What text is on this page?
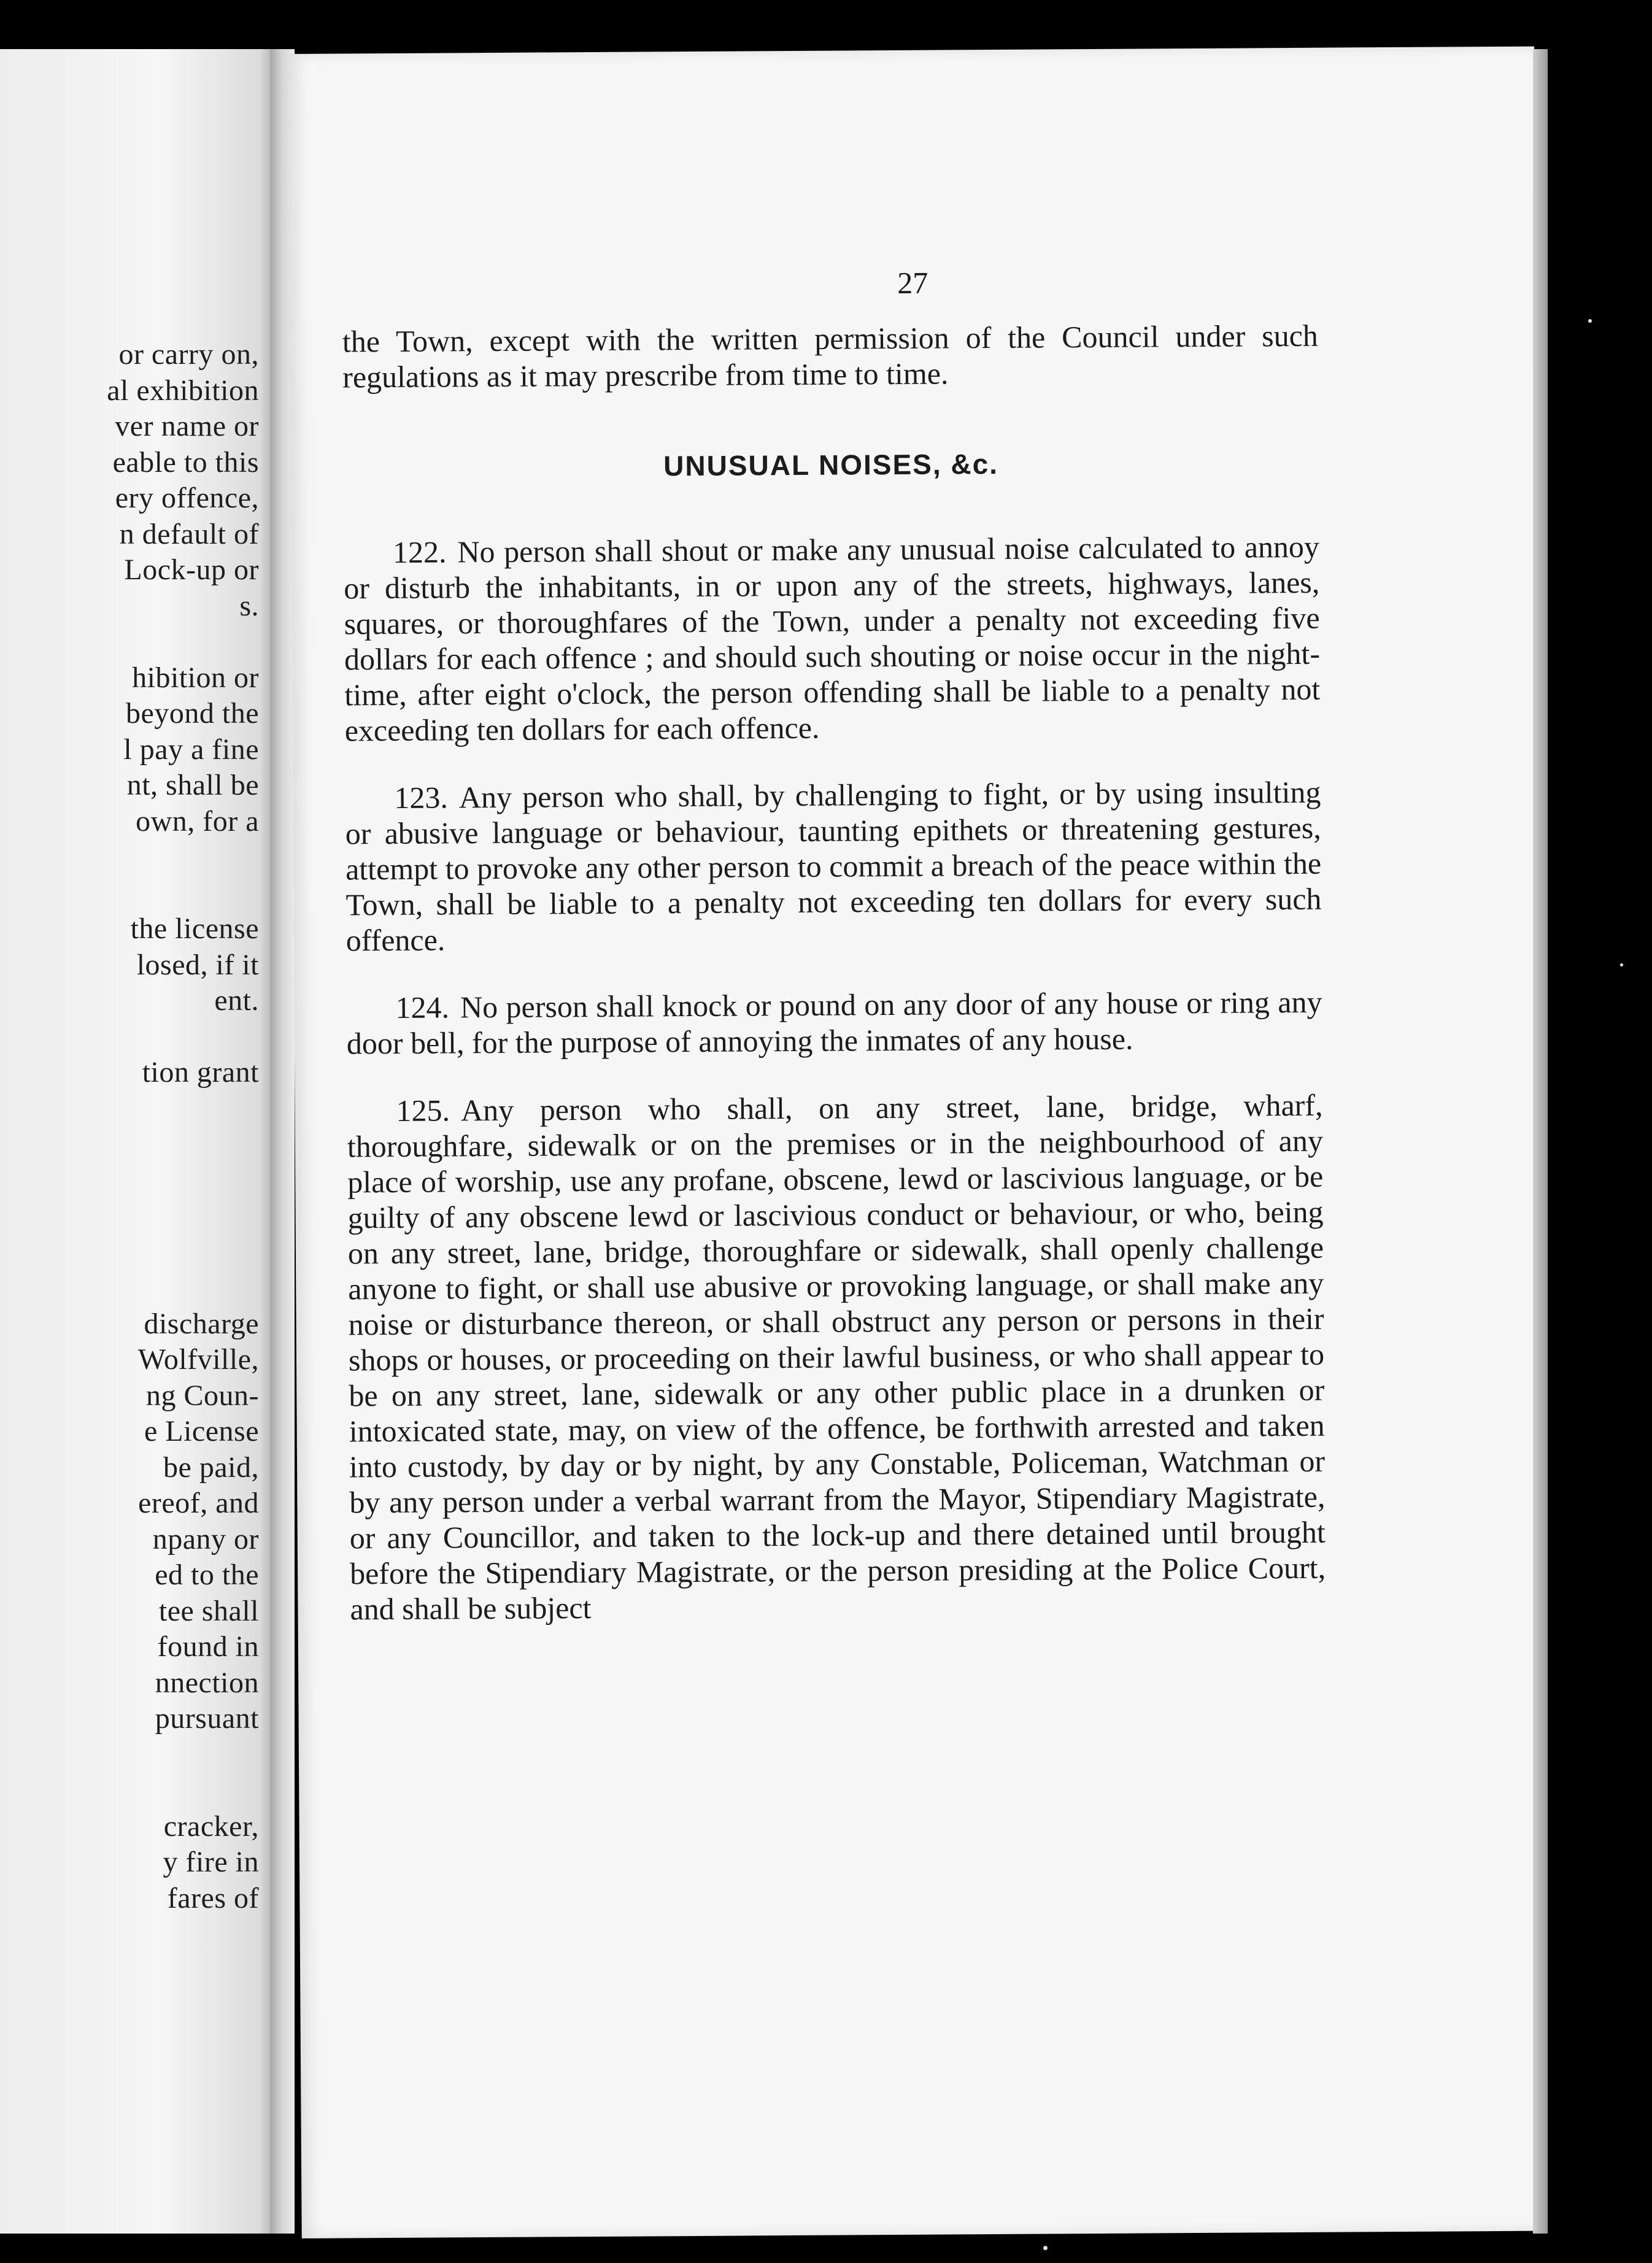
or carry on,
al exhibition
ver name or
eable to this
ery offence,
n default of
Lock-up or
s.
hibition or
beyond the
l pay a fine
nt, shall be
own, for a
the license
losed, if it
ent.
tion grant
discharge
Wolfville,
ng Coun-
e License
be paid,
ereof, and
npany or
ed to the
tee shall
found in
nnection
pursuant
cracker,
y fire in
fares of
27

the Town, except with the written permission of the Council under such regulations as it may prescribe from time to time.

UNUSUAL NOISES, &c.

122. No person shall shout or make any unusual noise calculated to annoy or disturb the inhabitants, in or upon any of the streets, highways, lanes, squares, or thoroughfares of the Town, under a penalty not exceeding five dollars for each offence ; and should such shouting or noise occur in the night-time, after eight o'clock, the person offending shall be liable to a penalty not exceeding ten dollars for each offence.

123. Any person who shall, by challenging to fight, or by using insulting or abusive language or behaviour, taunting epithets or threatening gestures, attempt to provoke any other person to commit a breach of the peace within the Town, shall be liable to a penalty not exceeding ten dollars for every such offence.

124. No person shall knock or pound on any door of any house or ring any door bell, for the purpose of annoying the inmates of any house.

125. Any person who shall, on any street, lane, bridge, wharf, thoroughfare, sidewalk or on the premises or in the neighbourhood of any place of worship, use any profane, obscene, lewd or lascivious language, or be guilty of any obscene lewd or lascivious conduct or behaviour, or who, being on any street, lane, bridge, thoroughfare or sidewalk, shall openly challenge anyone to fight, or shall use abusive or provoking language, or shall make any noise or disturbance thereon, or shall obstruct any person or persons in their shops or houses, or proceeding on their lawful business, or who shall appear to be on any street, lane, sidewalk or any other public place in a drunken or intoxicated state, may, on view of the offence, be forthwith arrested and taken into custody, by day or by night, by any Constable, Policeman, Watchman or by any person under a verbal warrant from the Mayor, Stipendiary Magistrate, or any Councillor, and taken to the lock-up and there detained until brought before the Stipendiary Magistrate, or the person presiding at the Police Court, and shall be subject
